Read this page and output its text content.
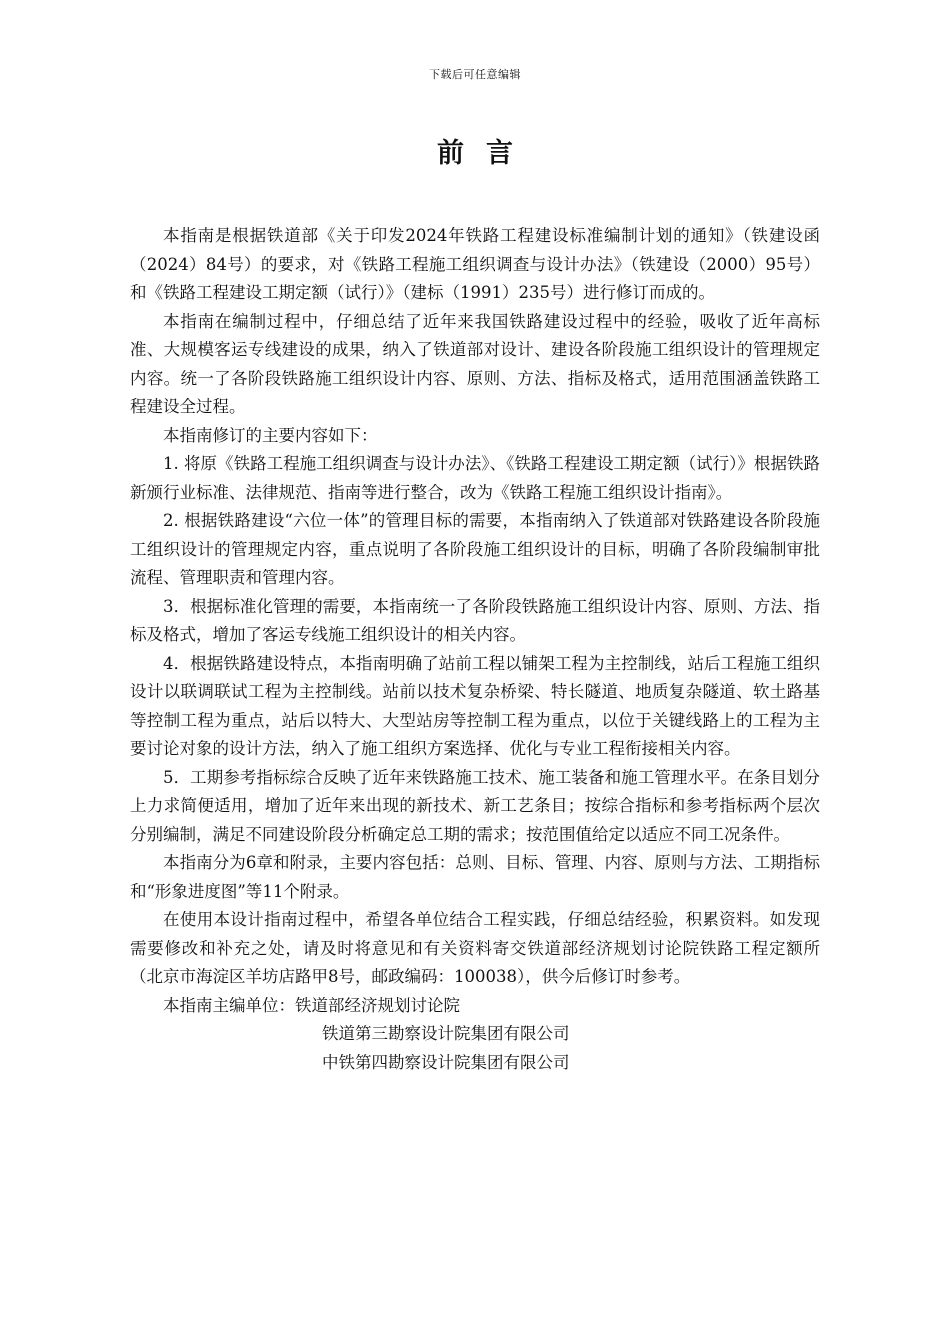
下载后可任意编辑
前言

本指南是根据铁道部《关于印发2024年铁路工程建设标准编制计划的通知》（铁建设函（2024）84号）的要求，对《铁路工程施工组织调查与设计办法》（铁建设（2000）95号）和《铁路工程建设工期定额（试行）》（建标（1991）235号）进行修订而成的。

本指南在编制过程中，仔细总结了近年来我国铁路建设过程中的经验，吸收了近年高标准、大规模客运专线建设的成果，纳入了铁道部对设计、建设各阶段施工组织设计的管理规定内容。统一了各阶段铁路施工组织设计内容、原则、方法、指标及格式，适用范围涵盖铁路工程建设全过程。

本指南修订的主要内容如下：

1. 将原《铁路工程施工组织调查与设计办法》、《铁路工程建设工期定额（试行）》根据铁路新颁行业标准、法律规范、指南等进行整合，改为《铁路工程施工组织设计指南》。

2. 根据铁路建设“六位一体”的管理目标的需要，本指南纳入了铁道部对铁路建设各阶段施工组织设计的管理规定内容，重点说明了各阶段施工组织设计的目标，明确了各阶段编制审批流程、管理职责和管理内容。

3．根据标准化管理的需要，本指南统一了各阶段铁路施工组织设计内容、原则、方法、指标及格式，增加了客运专线施工组织设计的相关内容。

4．根据铁路建设特点，本指南明确了站前工程以铺架工程为主控制线，站后工程施工组织设计以联调联试工程为主控制线。站前以技术复杂桥梁、特长隧道、地质复杂隧道、软土路基等控制工程为重点，站后以特大、大型站房等控制工程为重点，以位于关键线路上的工程为主要讨论对象的设计方法，纳入了施工组织方案选择、优化与专业工程衔接相关内容。

5．工期参考指标综合反映了近年来铁路施工技术、施工装备和施工管理水平。在条目划分上力求简便适用，增加了近年来出现的新技术、新工艺条目；按综合指标和参考指标两个层次分别编制，满足不同建设阶段分析确定总工期的需求；按范围值给定以适应不同工况条件。

本指南分为6章和附录，主要内容包括：总则、目标、管理、内容、原则与方法、工期指标和“形象进度图”等11个附录。

在使用本设计指南过程中，希望各单位结合工程实践，仔细总结经验，积累资料。如发现需要修改和补充之处，请及时将意见和有关资料寄交铁道部经济规划讨论院铁路工程定额所（北京市海淀区羊坊店路甲8号，邮政编码：100038），供今后修订时参考。

本指南主编单位：铁道部经济规划讨论院

铁道第三勘察设计院集团有限公司

中铁第四勘察设计院集团有限公司
